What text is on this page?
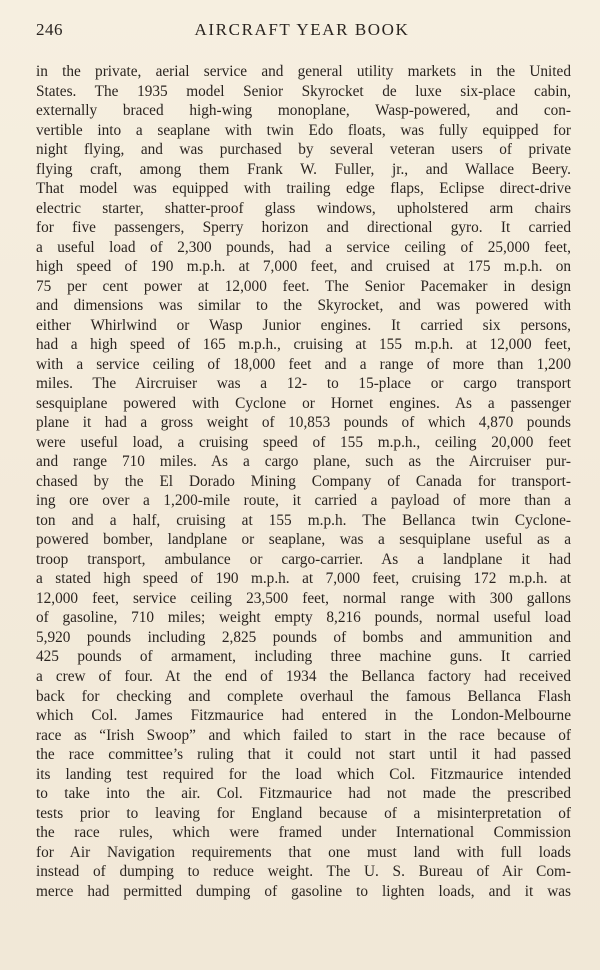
246	AIRCRAFT YEAR BOOK
in the private, aerial service and general utility markets in the United
States. The 1935 model Senior Skyrocket de luxe six-place cabin,
externally braced high-wing monoplane, Wasp-powered, and con-
vertible into a seaplane with twin Edo floats, was fully equipped for
night flying, and was purchased by several veteran users of private
flying craft, among them Frank W. Fuller, jr., and Wallace Beery.
That model was equipped with trailing edge flaps, Eclipse direct-drive
electric starter, shatter-proof glass windows, upholstered arm chairs
for five passengers, Sperry horizon and directional gyro. It carried
a useful load of 2,300 pounds, had a service ceiling of 25,000 feet,
high speed of 190 m.p.h. at 7,000 feet, and cruised at 175 m.p.h. on
75 per cent power at 12,000 feet. The Senior Pacemaker in design
and dimensions was similar to the Skyrocket, and was powered with
either Whirlwind or Wasp Junior engines. It carried six persons,
had a high speed of 165 m.p.h., cruising at 155 m.p.h. at 12,000 feet,
with a service ceiling of 18,000 feet and a range of more than 1,200
miles. The Aircruiser was a 12- to 15-place or cargo transport
sesquiplane powered with Cyclone or Hornet engines. As a passenger
plane it had a gross weight of 10,853 pounds of which 4,870 pounds
were useful load, a cruising speed of 155 m.p.h., ceiling 20,000 feet
and range 710 miles. As a cargo plane, such as the Aircruiser pur-
chased by the El Dorado Mining Company of Canada for transport-
ing ore over a 1,200-mile route, it carried a payload of more than a
ton and a half, cruising at 155 m.p.h. The Bellanca twin Cyclone-
powered bomber, landplane or seaplane, was a sesquiplane useful as a
troop transport, ambulance or cargo-carrier. As a landplane it had
a stated high speed of 190 m.p.h. at 7,000 feet, cruising 172 m.p.h. at
12,000 feet, service ceiling 23,500 feet, normal range with 300 gallons
of gasoline, 710 miles; weight empty 8,216 pounds, normal useful load
5,920 pounds including 2,825 pounds of bombs and ammunition and
425 pounds of armament, including three machine guns. It carried
a crew of four. At the end of 1934 the Bellanca factory had received
back for checking and complete overhaul the famous Bellanca Flash
which Col. James Fitzmaurice had entered in the London-Melbourne
race as “Irish Swoop” and which failed to start in the race because of
the race committee’s ruling that it could not start until it had passed
its landing test required for the load which Col. Fitzmaurice intended
to take into the air. Col. Fitzmaurice had not made the prescribed
tests prior to leaving for England because of a misinterpretation of
the race rules, which were framed under International Commission
for Air Navigation requirements that one must land with full loads
instead of dumping to reduce weight. The U. S. Bureau of Air Com-
merce had permitted dumping of gasoline to lighten loads, and it was
